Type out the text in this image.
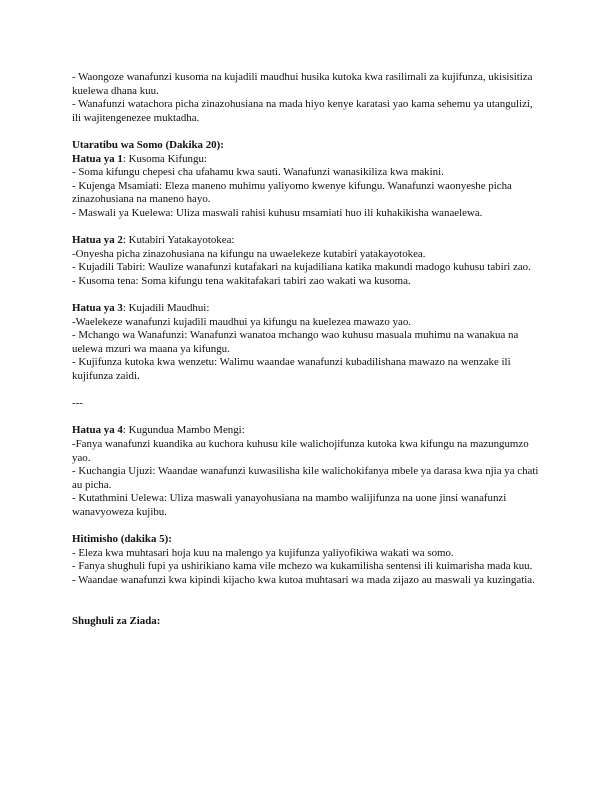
- Waongoze wanafunzi kusoma na kujadili maudhui husika kutoka kwa rasilimali za kujifunza, ukisisitiza kuelewa dhana kuu.

- Wanafunzi watachora picha zinazohusiana na mada hiyo kenye karatasi yao kama sehemu ya utangulizi, ili wajitengenezee muktadha.

Utaratibu wa Somo (Dakika 20):

Hatua ya 1: Kusoma Kifungu:

- Soma kifungu chepesi cha ufahamu kwa sauti. Wanafunzi wanasikiliza kwa makini.

- Kujenga Msamiati: Eleza maneno muhimu yaliyomo kwenye kifungu. Wanafunzi waonyeshe picha zinazohusiana na maneno hayo.

- Maswali ya Kuelewa: Uliza maswali rahisi kuhusu msamiati huo ili kuhakikisha wanaelewa.

Hatua ya 2: Kutabiri Yatakayotokea:

-Onyesha picha zinazohusiana na kifungu na uwaelekeze kutabiri yatakayotokea.

- Kujadili Tabiri: Waulize wanafunzi kutafakari na kujadiliana katika makundi madogo kuhusu tabiri zao.

- Kusoma tena: Soma kifungu tena wakitafakari tabiri zao wakati wa kusoma.

Hatua ya 3: Kujadili Maudhui:

-Waelekeze wanafunzi kujadili maudhui ya kifungu na kuelezea mawazo yao.

- Mchango wa Wanafunzi: Wanafunzi wanatoa mchango wao kuhusu masuala muhimu na wanakua na uelewa mzuri wa maana ya kifungu.

- Kujifunza kutoka kwa wenzetu: Walimu waandae wanafunzi kubadilishana mawazo na wenzake ili kujifunza zaidi.

---

Hatua ya 4: Kugundua Mambo Mengi:

-Fanya wanafunzi kuandika au kuchora kuhusu kile walichojifunza kutoka kwa kifungu na mazungumzo yao.

- Kuchangia Ujuzi: Waandae wanafunzi kuwasilisha kile walichokifanya mbele ya darasa kwa njia ya chati au picha.

- Kutathmini Uelewa: Uliza maswali yanayohusiana na mambo walijifunza na uone jinsi wanafunzi wanavyoweza kujibu.

Hitimisho (dakika 5):

- Eleza kwa muhtasari hoja kuu na malengo ya kujifunza yaliyofikiwa wakati wa somo.

- Fanya shughuli fupi ya ushirikiano kama vile mchezo wa kukamilisha sentensi ili kuimarisha mada kuu.

- Waandae wanafunzi kwa kipindi kijacho kwa kutoa muhtasari wa mada zijazo au maswali ya kuzingatia.

Shughuli za Ziada:
